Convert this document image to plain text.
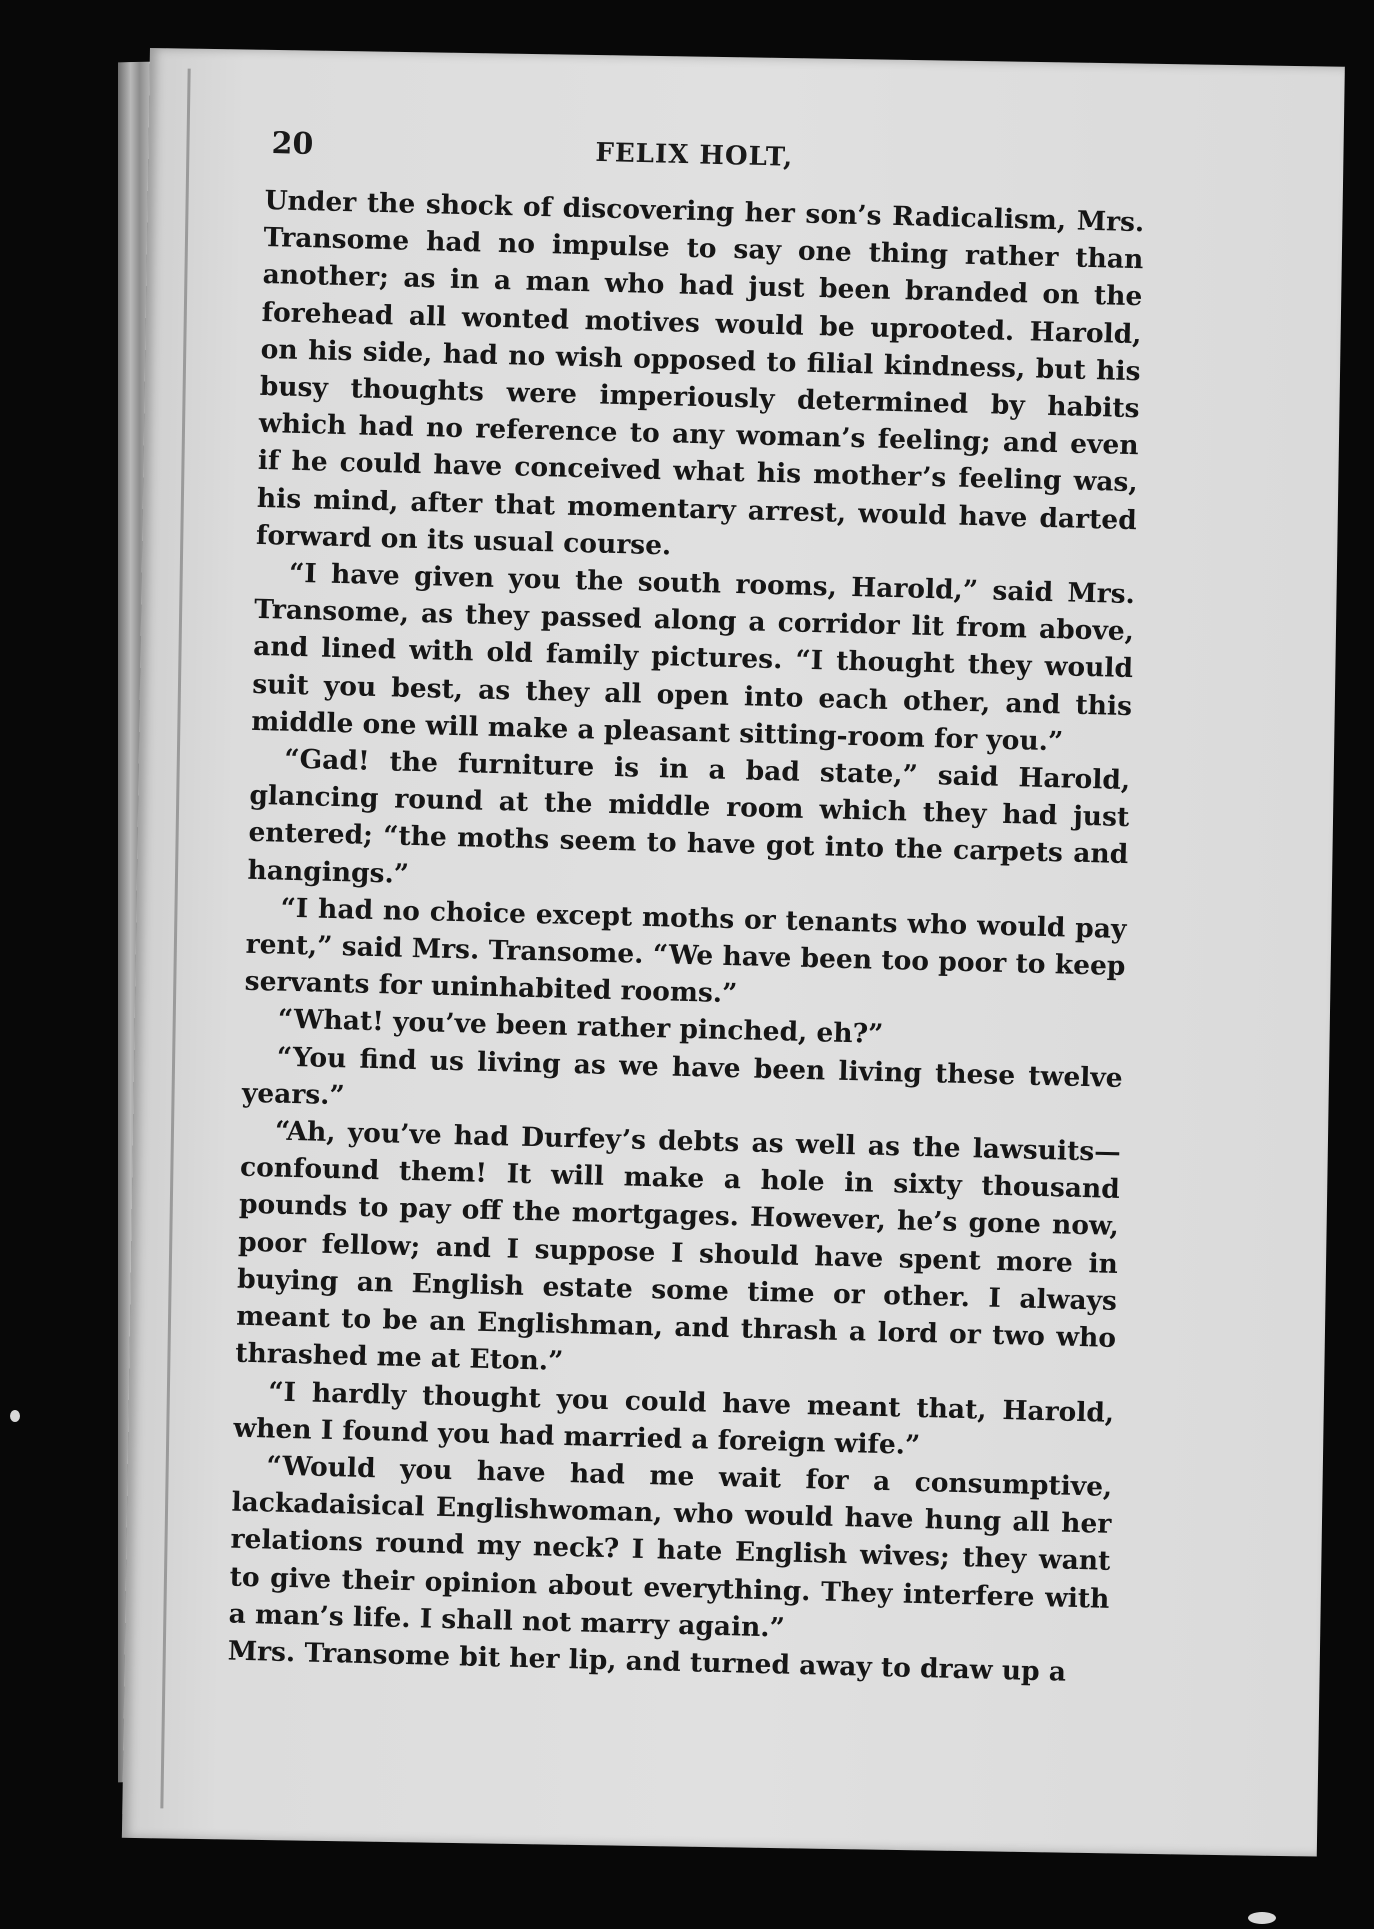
20	FELIX HOLT,

Under the shock of discovering her son’s Radicalism, Mrs. Transome had no impulse to say one thing rather than another; as in a man who had just been branded on the forehead all wonted motives would be uprooted. Harold, on his side, had no wish opposed to filial kindness, but his busy thoughts were imperiously determined by habits which had no reference to any woman’s feeling; and even if he could have conceived what his mother’s feeling was, his mind, after that momentary arrest, would have darted forward on its usual course.

“I have given you the south rooms, Harold,” said Mrs. Transome, as they passed along a corridor lit from above, and lined with old family pictures. “I thought they would suit you best, as they all open into each other, and this middle one will make a pleasant sitting-room for you.”

“Gad! the furniture is in a bad state,” said Harold, glancing round at the middle room which they had just entered; “the moths seem to have got into the carpets and hangings.”

“I had no choice except moths or tenants who would pay rent,” said Mrs. Transome. “We have been too poor to keep servants for uninhabited rooms.”

“What! you’ve been rather pinched, eh?”

“You find us living as we have been living these twelve years.”

“Ah, you’ve had Durfey’s debts as well as the lawsuits—confound them! It will make a hole in sixty thousand pounds to pay off the mortgages. However, he’s gone now, poor fellow; and I suppose I should have spent more in buying an English estate some time or other. I always meant to be an Englishman, and thrash a lord or two who thrashed me at Eton.”

“I hardly thought you could have meant that, Harold, when I found you had married a foreign wife.”

“Would you have had me wait for a consumptive, lackadaisical Englishwoman, who would have hung all her relations round my neck? I hate English wives; they want to give their opinion about everything. They interfere with a man’s life. I shall not marry again.”

Mrs. Transome bit her lip, and turned away to draw up a
